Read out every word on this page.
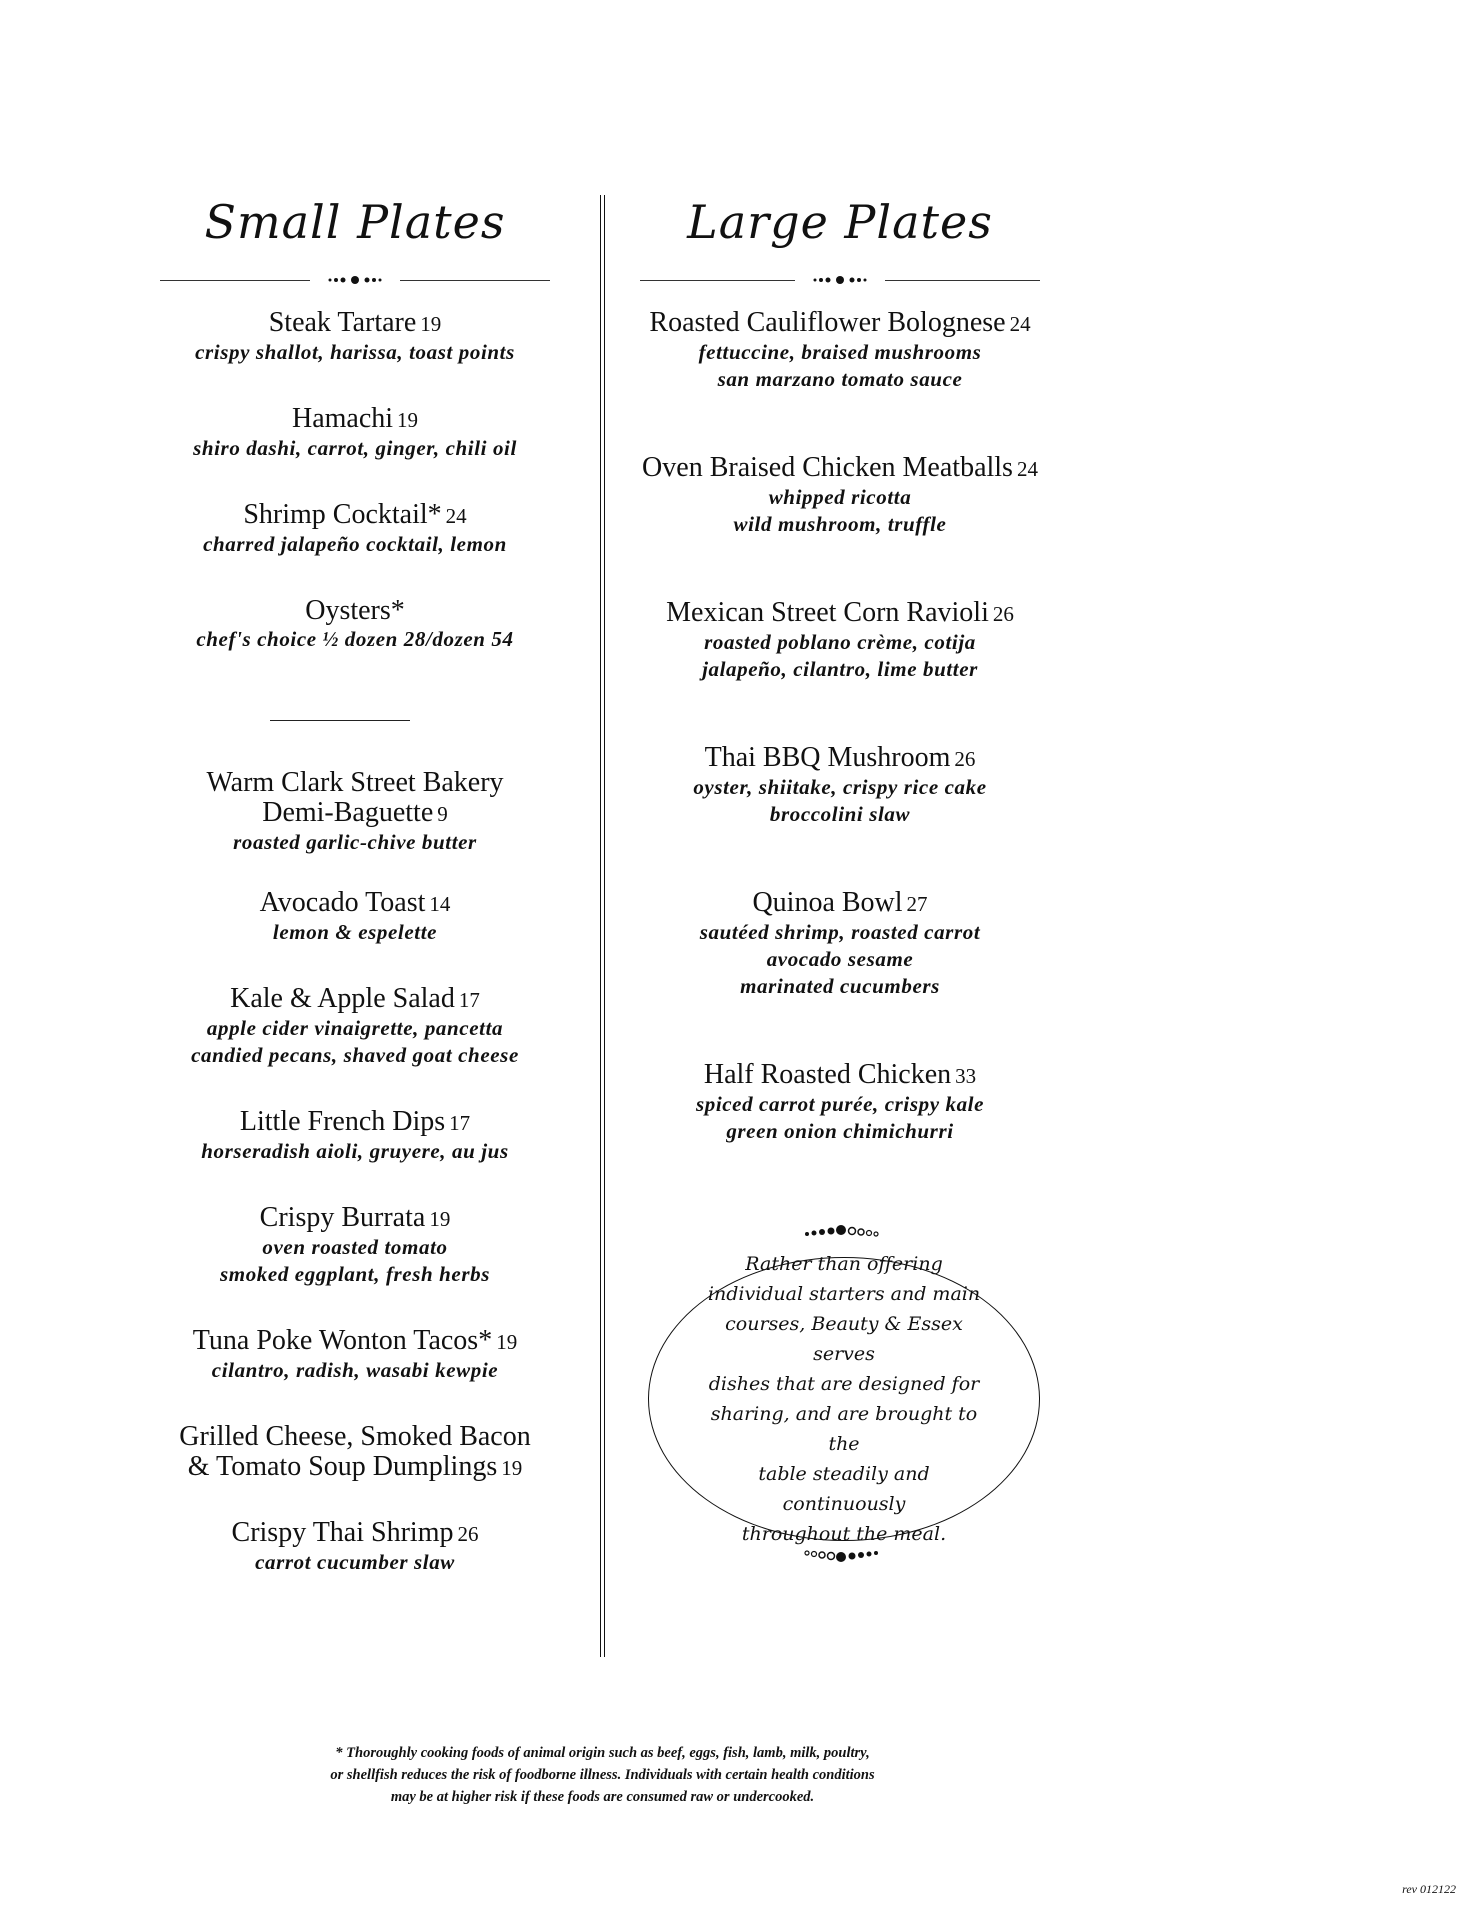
Small Plates
Steak Tartare 19
crispy shallot, harissa, toast points
Hamachi 19
shiro dashi, carrot, ginger, chili oil
Shrimp Cocktail* 24
charred jalapeño cocktail, lemon
Oysters*
chef's choice ½ dozen 28/dozen 54
Warm Clark Street Bakery
Demi-Baguette 9
roasted garlic-chive butter
Avocado Toast 14
lemon & espelette
Kale & Apple Salad 17
apple cider vinaigrette, pancetta
candied pecans, shaved goat cheese
Little French Dips 17
horseradish aioli, gruyere, au jus
Crispy Burrata 19
oven roasted tomato
smoked eggplant, fresh herbs
Tuna Poke Wonton Tacos* 19
cilantro, radish, wasabi kewpie
Grilled Cheese, Smoked Bacon
& Tomato Soup Dumplings 19
Crispy Thai Shrimp 26
carrot cucumber slaw
Large Plates
Roasted Cauliflower Bolognese 24
fettuccine, braised mushrooms
san marzano tomato sauce
Oven Braised Chicken Meatballs 24
whipped ricotta
wild mushroom, truffle
Mexican Street Corn Ravioli 26
roasted poblano crème, cotija
jalapeño, cilantro, lime butter
Thai BBQ Mushroom 26
oyster, shiitake, crispy rice cake
broccolini slaw
Quinoa Bowl 27
sautéed shrimp, roasted carrot
avocado sesame
marinated cucumbers
Half Roasted Chicken 33
spiced carrot purée, crispy kale
green onion chimichurri
Rather than offering
individual starters and main
courses, Beauty & Essex serves
dishes that are designed for
sharing, and are brought to the
table steadily and continuously
throughout the meal.
* Thoroughly cooking foods of animal origin such as beef, eggs, fish, lamb, milk, poultry,
or shellfish reduces the risk of foodborne illness. Individuals with certain health conditions
may be at higher risk if these foods are consumed raw or undercooked.
rev 012122
